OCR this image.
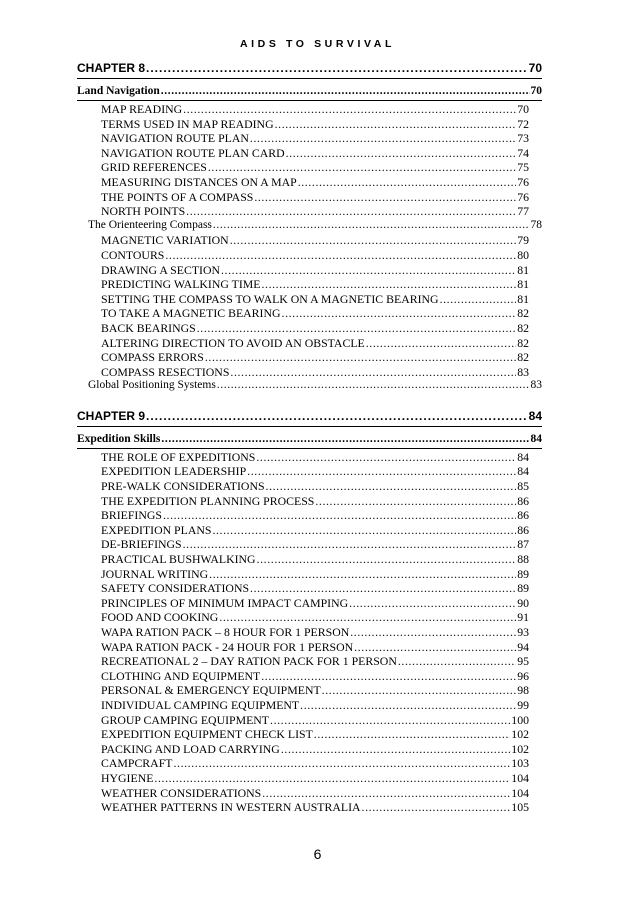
AIDS TO SURVIVAL
CHAPTER 8 .....	70
Land Navigation .....	70
MAP READING .....	70
TERMS USED IN MAP READING .....	72
NAVIGATION ROUTE PLAN .....	73
NAVIGATION ROUTE PLAN CARD .....	74
GRID REFERENCES .....	75
MEASURING DISTANCES ON A MAP .....	76
THE POINTS OF A COMPASS .....	76
NORTH POINTS .....	77
The Orienteering Compass .....	78
MAGNETIC VARIATION .....	79
CONTOURS .....	80
DRAWING A SECTION .....	81
PREDICTING WALKING TIME .....	81
SETTING THE COMPASS TO WALK ON A MAGNETIC BEARING .....	81
TO TAKE A MAGNETIC BEARING .....	82
BACK BEARINGS .....	82
ALTERING DIRECTION TO AVOID AN OBSTACLE .....	82
COMPASS ERRORS .....	82
COMPASS RESECTIONS .....	83
Global Positioning Systems .....	83
CHAPTER 9 .....	84
Expedition Skills .....	84
THE ROLE OF EXPEDITIONS .....	84
EXPEDITION LEADERSHIP .....	84
PRE-WALK CONSIDERATIONS .....	85
THE EXPEDITION PLANNING PROCESS .....	86
BRIEFINGS .....	86
EXPEDITION PLANS .....	86
DE-BRIEFINGS .....	87
PRACTICAL BUSHWALKING .....	88
JOURNAL WRITING .....	89
SAFETY CONSIDERATIONS .....	89
PRINCIPLES OF MINIMUM IMPACT CAMPING .....	90
FOOD AND COOKING .....	91
WAPA RATION PACK – 8 HOUR FOR 1 PERSON .....	93
WAPA RATION PACK - 24 HOUR FOR 1 PERSON .....	94
RECREATIONAL 2 – DAY RATION PACK FOR 1 PERSON .....	95
CLOTHING AND EQUIPMENT .....	96
PERSONAL & EMERGENCY EQUIPMENT .....	98
INDIVIDUAL CAMPING EQUIPMENT .....	99
GROUP CAMPING EQUIPMENT .....	100
EXPEDITION EQUIPMENT CHECK LIST .....	102
PACKING AND LOAD CARRYING .....	102
CAMPCRAFT .....	103
HYGIENE .....	104
WEATHER CONSIDERATIONS .....	104
WEATHER PATTERNS IN WESTERN AUSTRALIA .....	105
6
